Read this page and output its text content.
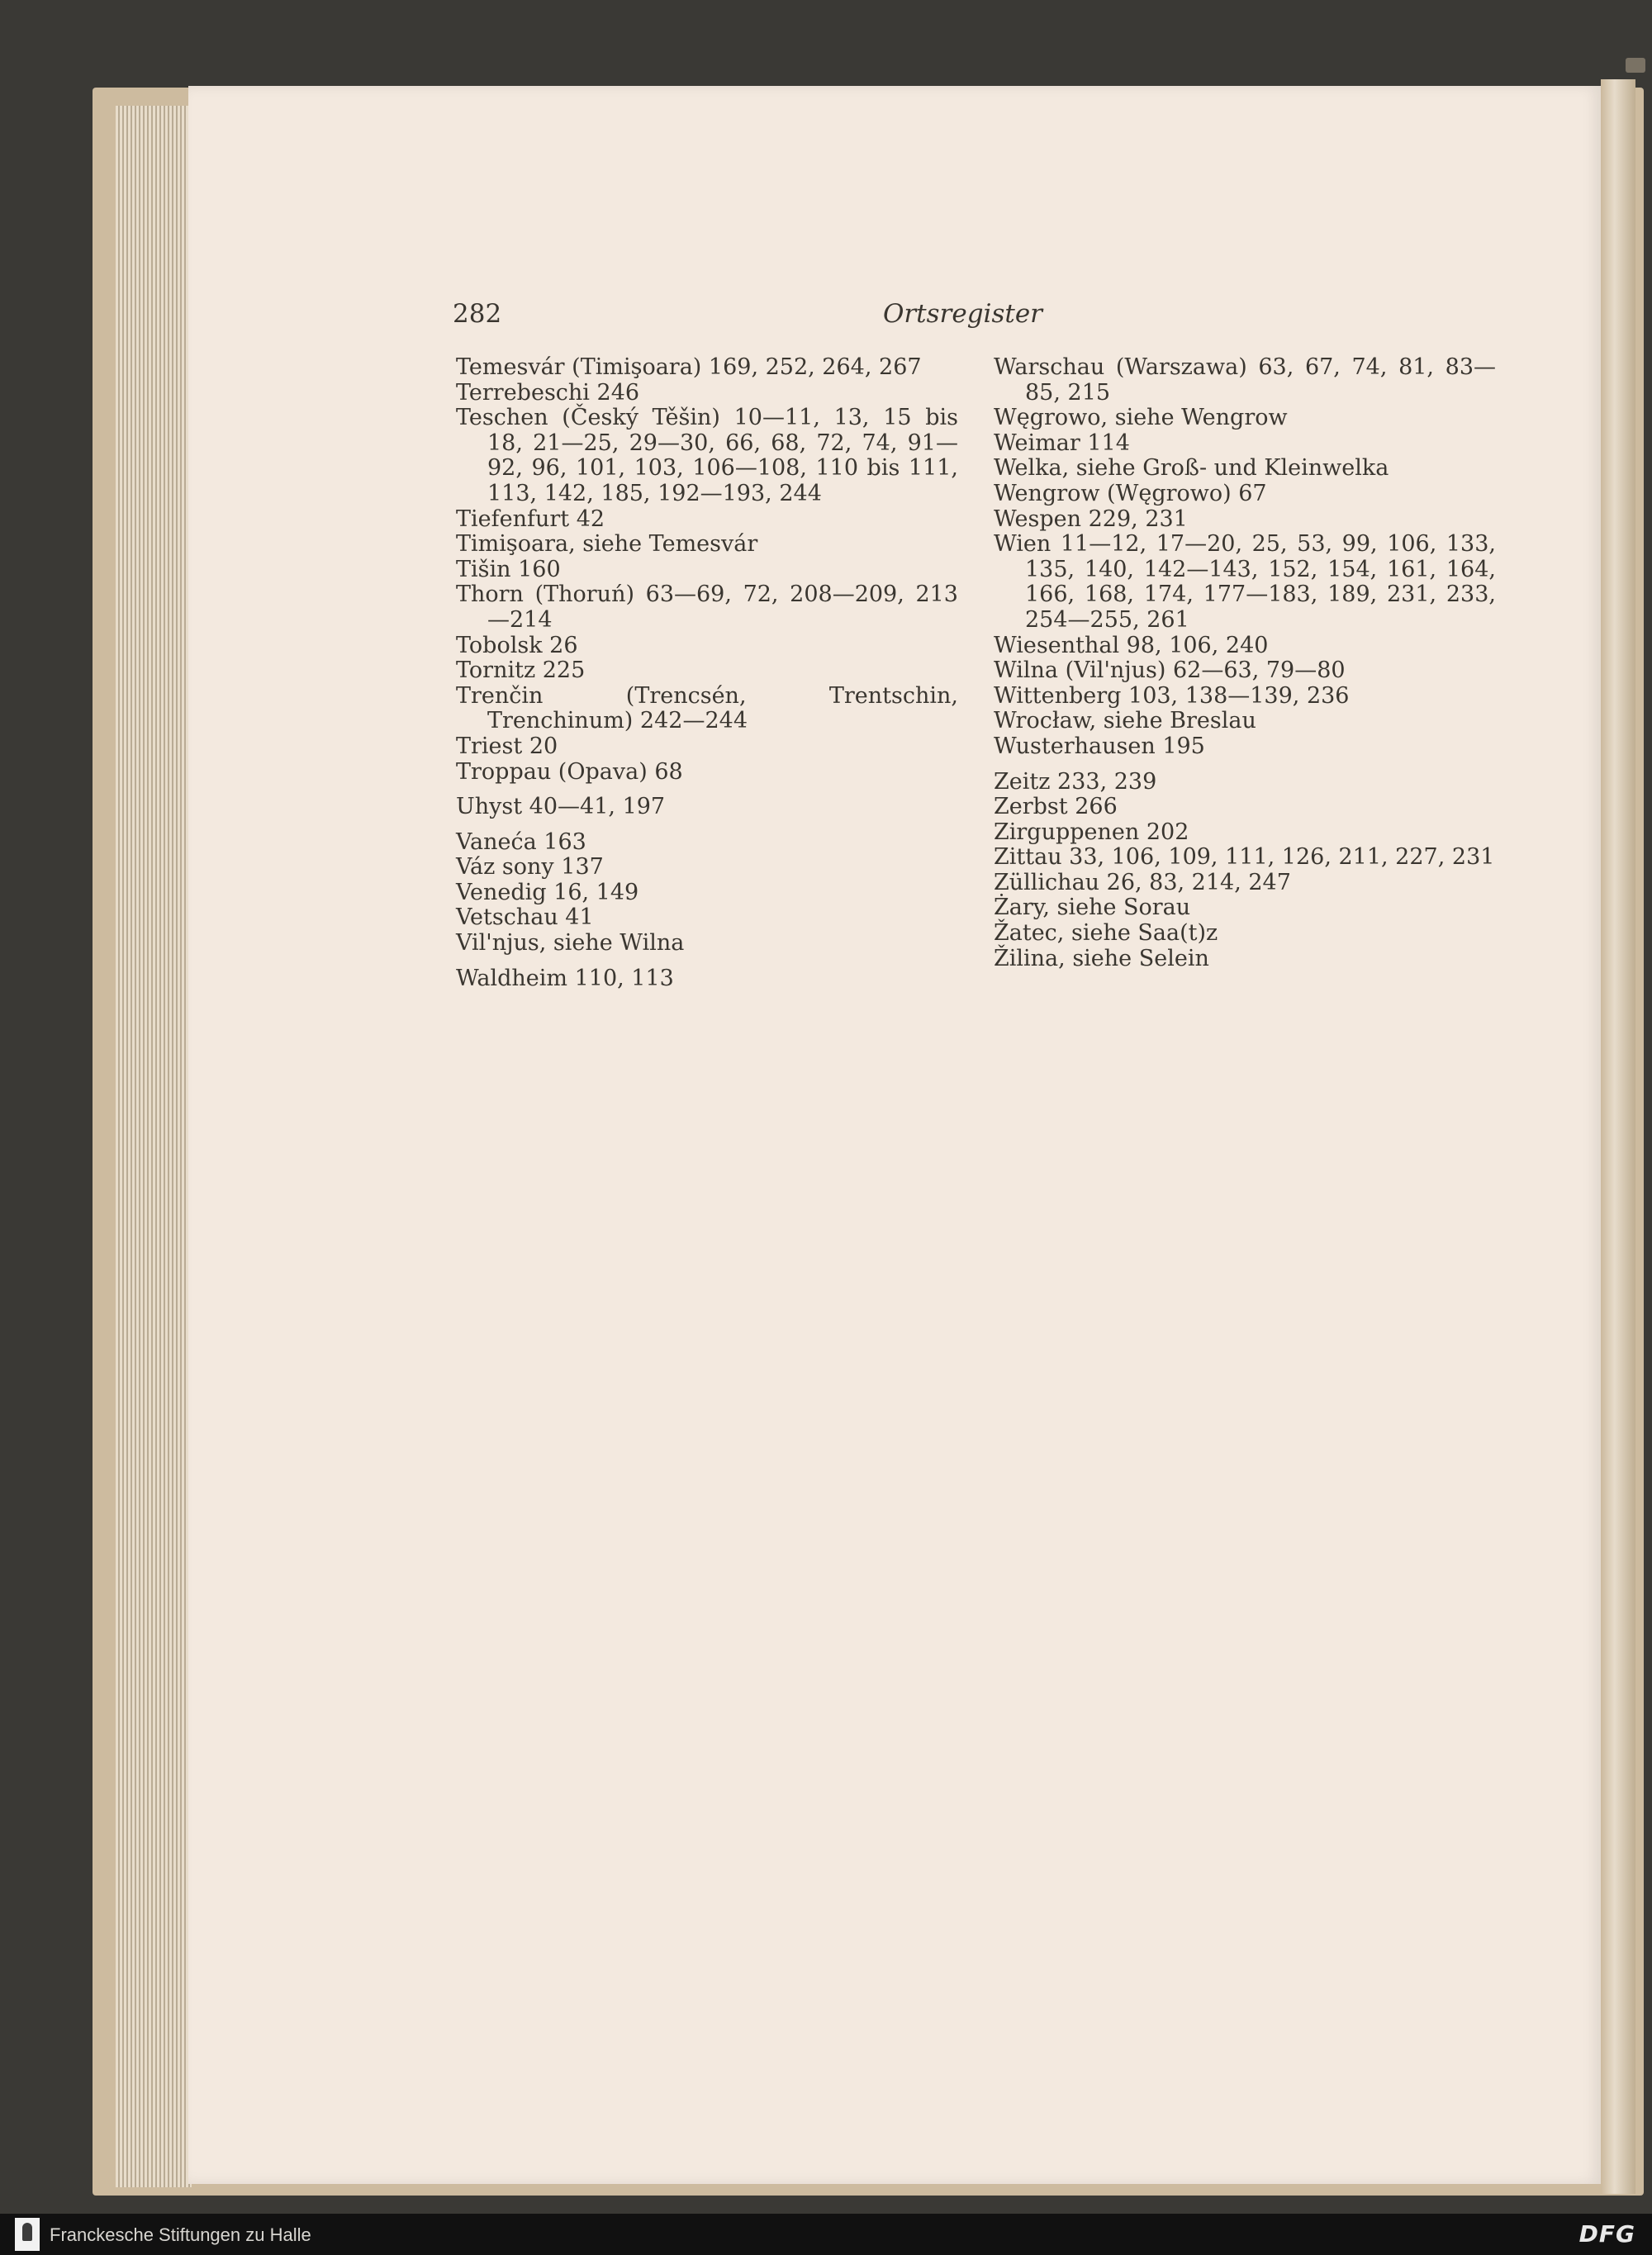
282	Ortsregister

Temesvár (Timişoara) 169, 252, 264, 267

Terrebeschi 246

Teschen (Český Těšin) 10—11, 13, 15 bis 18, 21—25, 29—30, 66, 68, 72, 74, 91—92, 96, 101, 103, 106—108, 110 bis 111, 113, 142, 185, 192—193, 244

Tiefenfurt 42

Timişoara, siehe Temesvár

Tišin 160

Thorn (Thoruń) 63—69, 72, 208—209, 213—214

Tobolsk 26

Tornitz 225

Trenčin (Trencsén, Trentschin, Trenchinum) 242—244

Triest 20

Troppau (Opava) 68

Uhyst 40—41, 197

Vaneća 163

Váz sony 137

Venedig 16, 149

Vetschau 41

Vil'njus, siehe Wilna

Waldheim 110, 113

Warschau (Warszawa) 63, 67, 74, 81, 83—85, 215

Węgrowo, siehe Wengrow

Weimar 114

Welka, siehe Groß- und Kleinwelka

Wengrow (Węgrowo) 67

Wespen 229, 231

Wien 11—12, 17—20, 25, 53, 99, 106, 133, 135, 140, 142—143, 152, 154, 161, 164, 166, 168, 174, 177—183, 189, 231, 233, 254—255, 261

Wiesenthal 98, 106, 240

Wilna (Vil'njus) 62—63, 79—80

Wittenberg 103, 138—139, 236

Wrocław, siehe Breslau

Wusterhausen 195

Zeitz 233, 239

Zerbst 266

Zirguppenen 202

Zittau 33, 106, 109, 111, 126, 211, 227, 231

Züllichau 26, 83, 214, 247

Żary, siehe Sorau

Žatec, siehe Saa(t)z

Žilina, siehe Selein

Franckesche Stiftungen zu Halle	DFG
